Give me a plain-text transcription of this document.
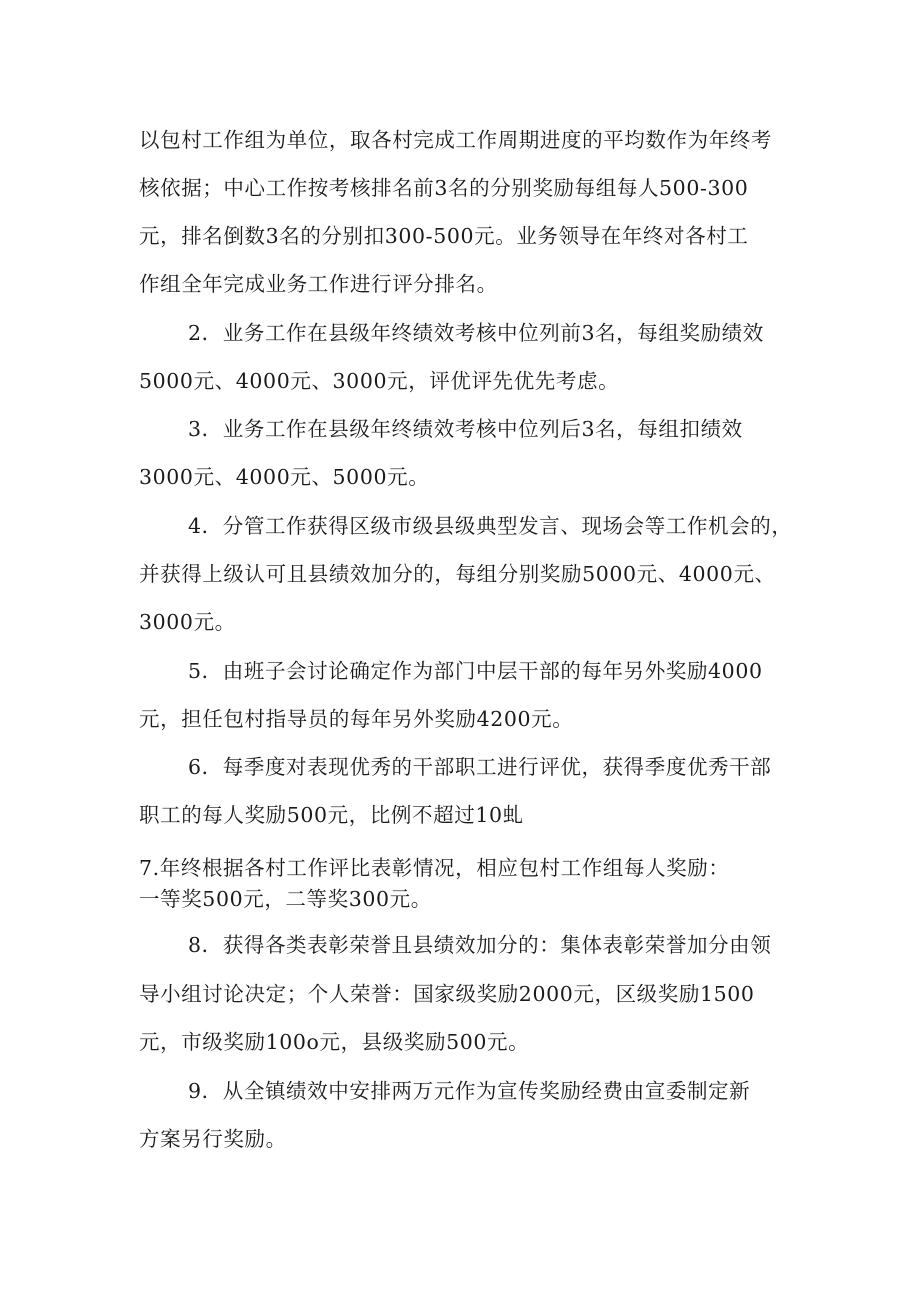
以包村工作组为单位，取各村完成工作周期进度的平均数作为年终考
核依据；中心工作按考核排名前3名的分别奖励每组每人500-300
元，排名倒数3名的分别扣300-500元。业务领导在年终对各村工
作组全年完成业务工作进行评分排名。
2．业务工作在县级年终绩效考核中位列前3名，每组奖励绩效
5000元、4000元、3000元，评优评先优先考虑。
3．业务工作在县级年终绩效考核中位列后3名，每组扣绩效
3000元、4000元、5000元。
4．分管工作获得区级市级县级典型发言、现场会等工作机会的，
并获得上级认可且县绩效加分的，每组分别奖励5000元、4000元、
3000元。
5．由班子会讨论确定作为部门中层干部的每年另外奖励4000
元，担任包村指导员的每年另外奖励4200元。
6．每季度对表现优秀的干部职工进行评优，获得季度优秀干部
职工的每人奖励500元，比例不超过10虬
7.年终根据各村工作评比表彰情况，相应包村工作组每人奖励：
一等奖500元，二等奖300元。
8．获得各类表彰荣誉且县绩效加分的：集体表彰荣誉加分由领
导小组讨论决定；个人荣誉：国家级奖励2000元，区级奖励1500
元，市级奖励100o元，县级奖励500元。
9．从全镇绩效中安排两万元作为宣传奖励经费由宣委制定新
方案另行奖励。
